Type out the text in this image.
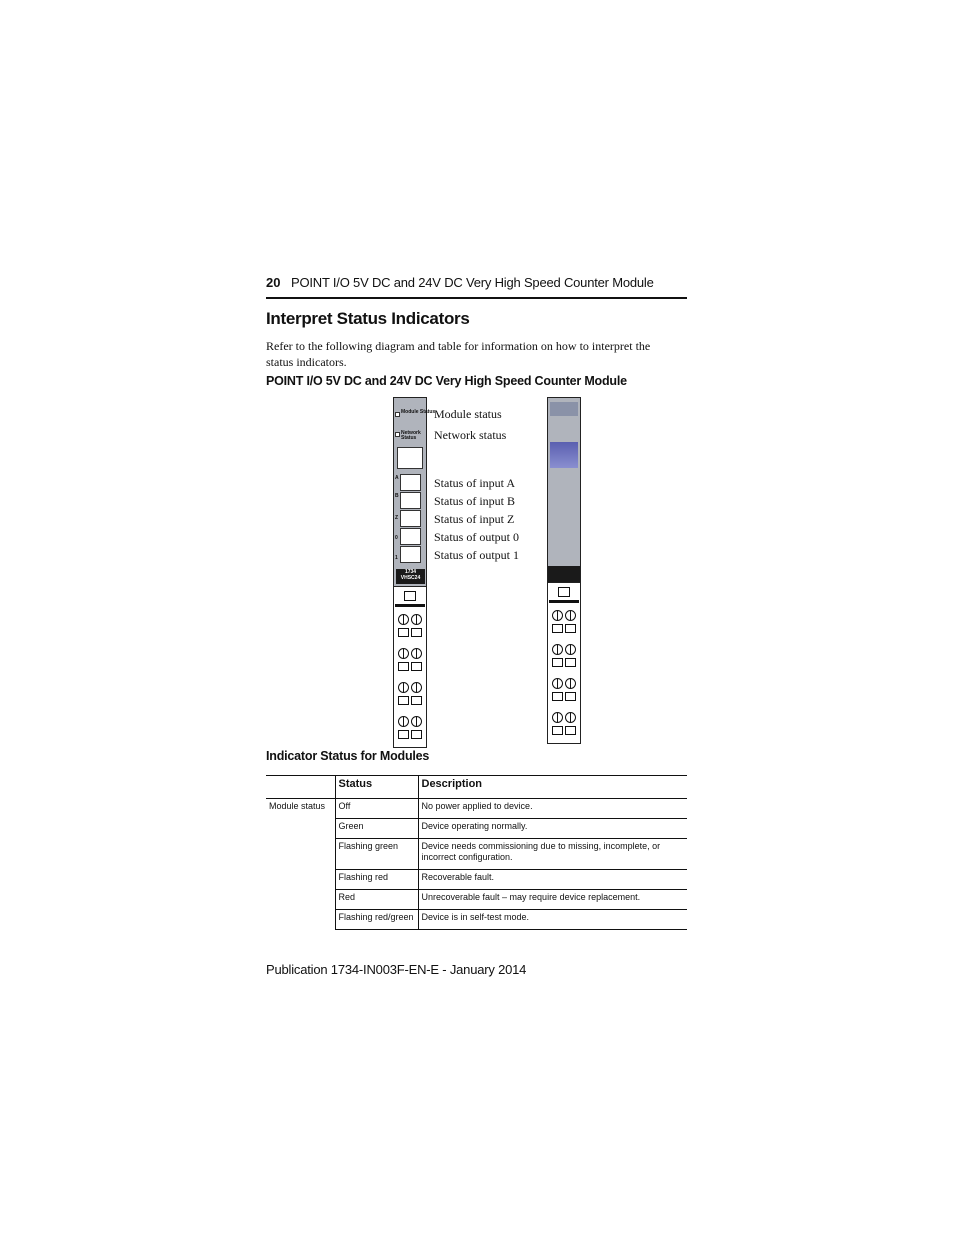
20 POINT I/O 5V DC and 24V DC Very High Speed Counter Module
Interpret Status Indicators
Refer to the following diagram and table for information on how to interpret the status indicators.
POINT I/O 5V DC and 24V DC Very High Speed Counter Module
Module Status
Network Status
A
B
Z
0
1
1734
VHSC24
Module status
Network status
Status of input A
Status of input B
Status of input Z
Status of output 0
Status of output 1
Indicator Status for Modules
	Status	Description
Module status	Off	No power applied to device.
	Green	Device operating normally.
	Flashing green	Device needs commissioning due to missing, incomplete, or incorrect configuration.
	Flashing red	Recoverable fault.
	Red	Unrecoverable fault – may require device replacement.
	Flashing red/green	Device is in self-test mode.
Publication 1734-IN003F-EN-E - January 2014
